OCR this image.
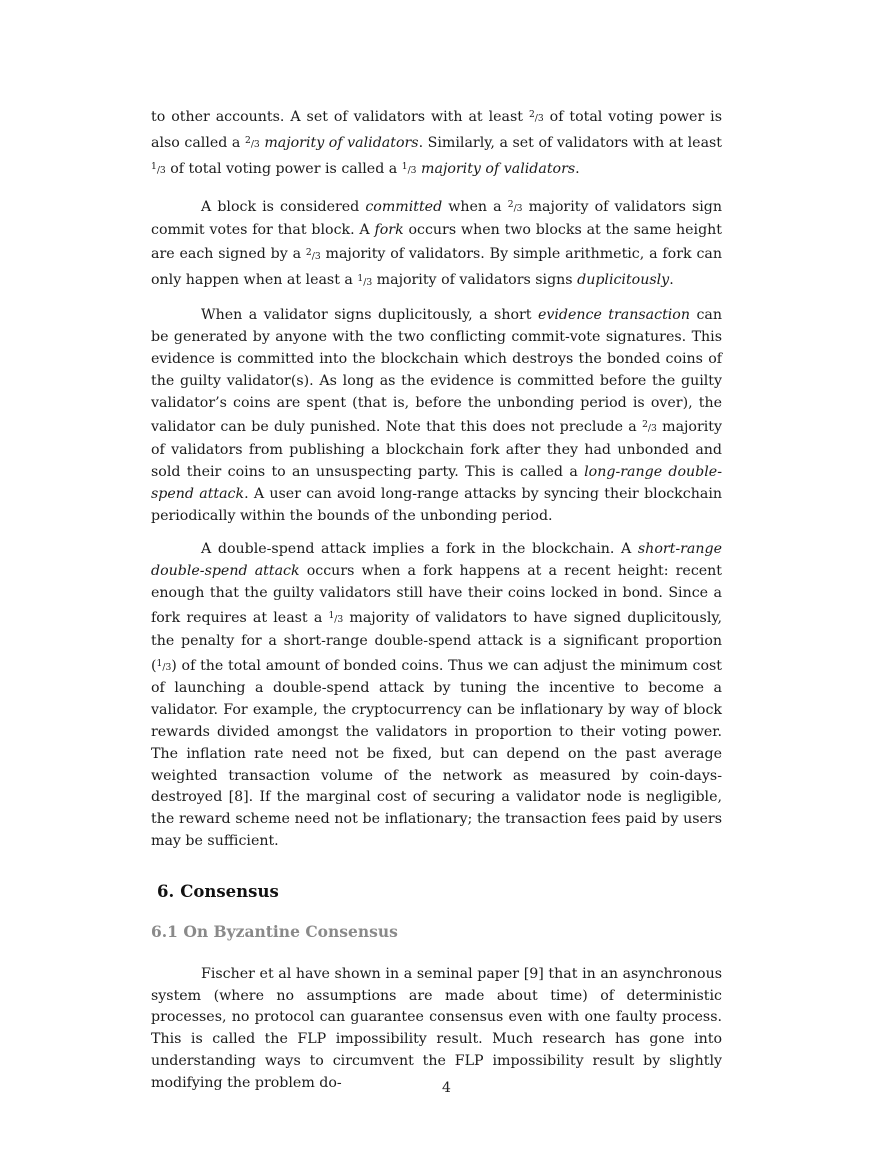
to other accounts. A set of validators with at least $^2$/3 of total voting power is also called a $^2$/3 majority of validators. Similarly, a set of validators with at least $^1$/3 of total voting power is called a $^1$/3 majority of validators.

A block is considered committed when a $^2$/3 majority of validators sign commit votes for that block. A fork occurs when two blocks at the same height are each signed by a $^2$/3 majority of validators. By simple arithmetic, a fork can only happen when at least a $^1$/3 majority of validators signs duplicitously.

When a validator signs duplicitously, a short evidence transaction can be generated by anyone with the two conflicting commit-vote signatures. This evidence is committed into the blockchain which destroys the bonded coins of the guilty validator(s). As long as the evidence is committed before the guilty validator’s coins are spent (that is, before the unbonding period is over), the validator can be duly punished. Note that this does not preclude a $^2$/3 majority of validators from publishing a blockchain fork after they had unbonded and sold their coins to an unsuspecting party. This is called a long-range double-spend attack. A user can avoid long-range attacks by syncing their blockchain periodically within the bounds of the unbonding period.

A double-spend attack implies a fork in the blockchain. A short-range double-spend attack occurs when a fork happens at a recent height: recent enough that the guilty validators still have their coins locked in bond. Since a fork requires at least a $^1$/3 majority of validators to have signed duplicitously, the penalty for a short-range double-spend attack is a significant proportion ($^1$/3) of the total amount of bonded coins. Thus we can adjust the minimum cost of launching a double-spend attack by tuning the incentive to become a validator. For example, the cryptocurrency can be inflationary by way of block rewards divided amongst the validators in proportion to their voting power. The inflation rate need not be fixed, but can depend on the past average weighted transaction volume of the network as measured by coin-days-destroyed [8]. If the marginal cost of securing a validator node is negligible, the reward scheme need not be inflationary; the transaction fees paid by users may be sufficient.

6. Consensus
6.1 On Byzantine Consensus

Fischer et al have shown in a seminal paper [9] that in an asynchronous system (where no assumptions are made about time) of deterministic processes, no protocol can guarantee consensus even with one faulty process. This is called the FLP impossibility result. Much research has gone into understanding ways to circumvent the FLP impossibility result by slightly modifying the problem do-	4
